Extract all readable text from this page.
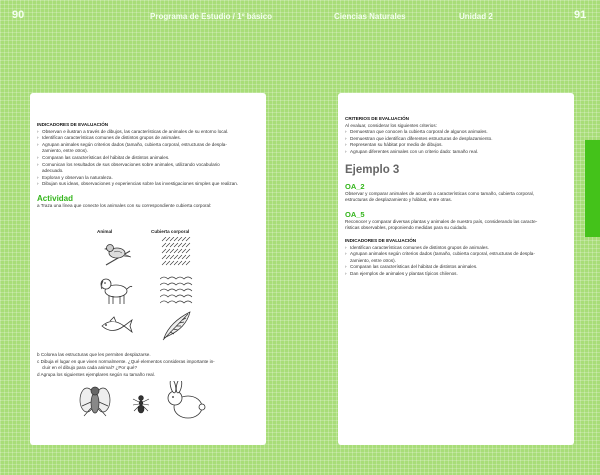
90	Programa de Estudio / 1º básico	Ciencias Naturales	Unidad 2	91
INDICADORES DE EVALUACIÓN
› Observan e ilustran a través de dibujos, las características de animales de su entorno local.
› Identifican características comunes de distintos grupos de animales.
› Agrupan animales según criterios dados (tamaño, cubierta corporal, estructuras de despla-
zamiento, entre otros).
› Comparan las características del hábitat de distintos animales.
› Comunican los resultados de sus observaciones sobre animales, utilizando vocabulario
adecuado.
› Exploran y observan la naturaleza.
› Dibujan sus ideas, observaciones y experiencias sobre las investigaciones simples que realizan.
Actividad
a Traza una línea que conecte los animales con su correspondiente cubierta corporal:
Animal	Cubierta corporal
b Colorea las estructuras que les permiten desplazarse.
c Dibuja el lugar en que viven normalmente. ¿Qué elementos consideras importante in-
cluir en el dibujo para cada animal? ¿Por qué?
d Agrupa los siguientes ejemplares según su tamaño real.
CRITERIOS DE EVALUACIÓN
Al evaluar, considerar los siguientes criterios:
› Demuestran que conocen la cubierta corporal de algunos animales.
› Demuestran que identifican diferentes estructuras de desplazamiento.
› Representan su hábitat por medio de dibujos.
› Agrupan diferentes animales con un criterio dado: tamaño real.
Ejemplo 3
OA_2
Observar y comparar animales de acuerdo a características como tamaño, cubierta corporal,
estructuras de desplazamiento y hábitat, entre otras.
OA_5
Reconocer y comparar diversas plantas y animales de nuestro país, considerando las caracte-
rísticas observables, proponiendo medidas para su cuidado.
INDICADORES DE EVALUACIÓN
› Identifican características comunes de distintos grupos de animales.
› Agrupan animales según criterios dados (tamaño, cubierta corporal, estructuras de despla-
zamiento, entre otros).
› Comparan las características del hábitat de distintos animales.
› Dan ejemplos de animales y plantas típicos chilenos.
